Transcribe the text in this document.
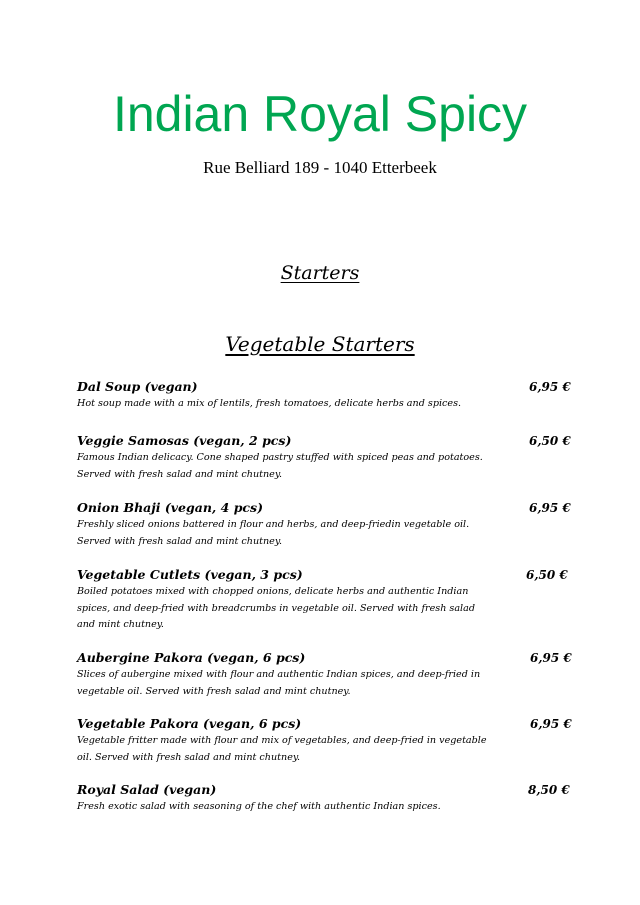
Indian Royal Spicy
Rue Belliard 189 - 1040 Etterbeek
Starters
Vegetable Starters
Dal Soup (vegan)	6,95 €
Hot soup made with a mix of lentils, fresh tomatoes, delicate herbs and spices.
Veggie Samosas (vegan, 2 pcs)	6,50 €
Famous Indian delicacy. Cone shaped pastry stuffed with spiced peas and potatoes.
Served with fresh salad and mint chutney.
Onion Bhaji (vegan, 4 pcs)	6,95 €
Freshly sliced onions battered in flour and herbs, and deep-friedin vegetable oil.
Served with fresh salad and mint chutney.
Vegetable Cutlets (vegan, 3 pcs)	6,50 €
Boiled potatoes mixed with chopped onions, delicate herbs and authentic Indian
spices, and deep-fried with breadcrumbs in vegetable oil. Served with fresh salad
and mint chutney.
Aubergine Pakora (vegan, 6 pcs)	6,95 €
Slices of aubergine mixed with flour and authentic Indian spices, and deep-fried in
vegetable oil. Served with fresh salad and mint chutney.
Vegetable Pakora (vegan, 6 pcs)	6,95 €
Vegetable fritter made with flour and mix of vegetables, and deep-fried in vegetable
oil. Served with fresh salad and mint chutney.
Royal Salad (vegan)	8,50 €
Fresh exotic salad with seasoning of the chef with authentic Indian spices.
